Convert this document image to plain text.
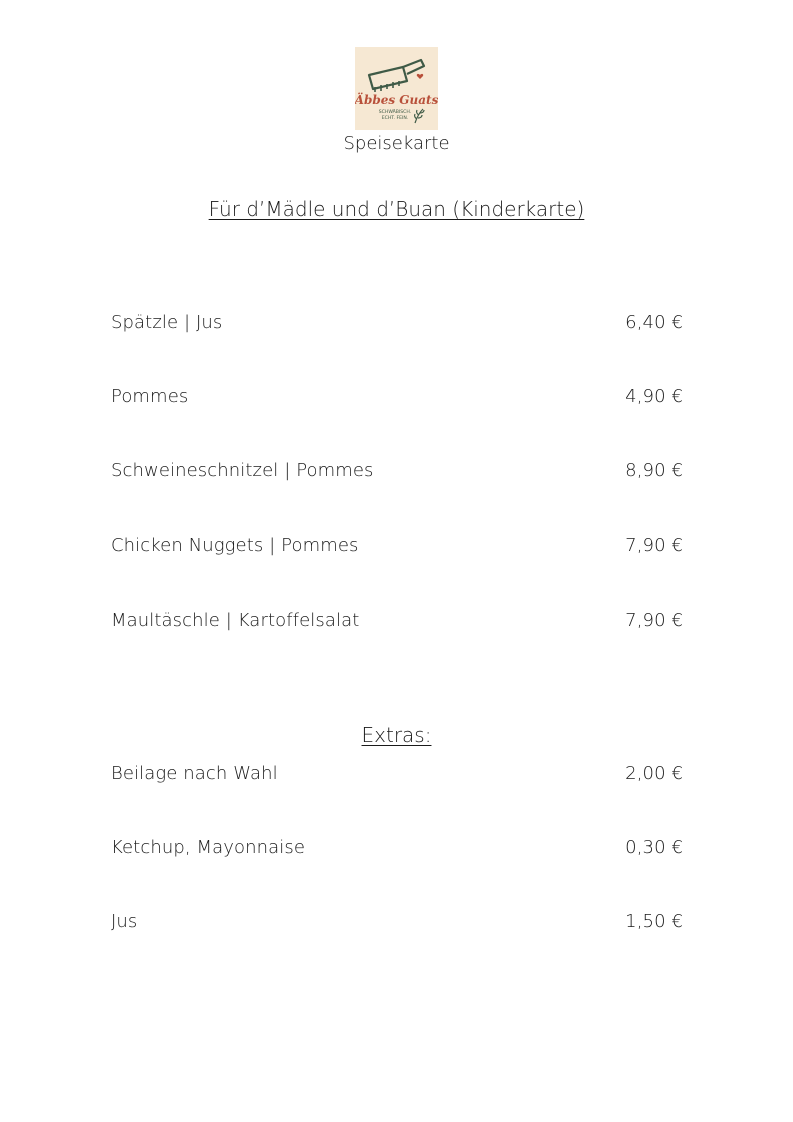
Äbbes Guats
SCHWÄBISCH.
ECHT. FEIN.
Speisekarte
Für d’Mädle und d’Buan (Kinderkarte)
Spätzle | Jus	6,40 €
Pommes	4,90 €
Schweineschnitzel | Pommes	8,90 €
Chicken Nuggets | Pommes	7,90 €
Maultäschle | Kartoffelsalat	7,90 €
Extras:
Beilage nach Wahl	2,00 €
Ketchup, Mayonnaise	0,30 €
Jus	1,50 €
